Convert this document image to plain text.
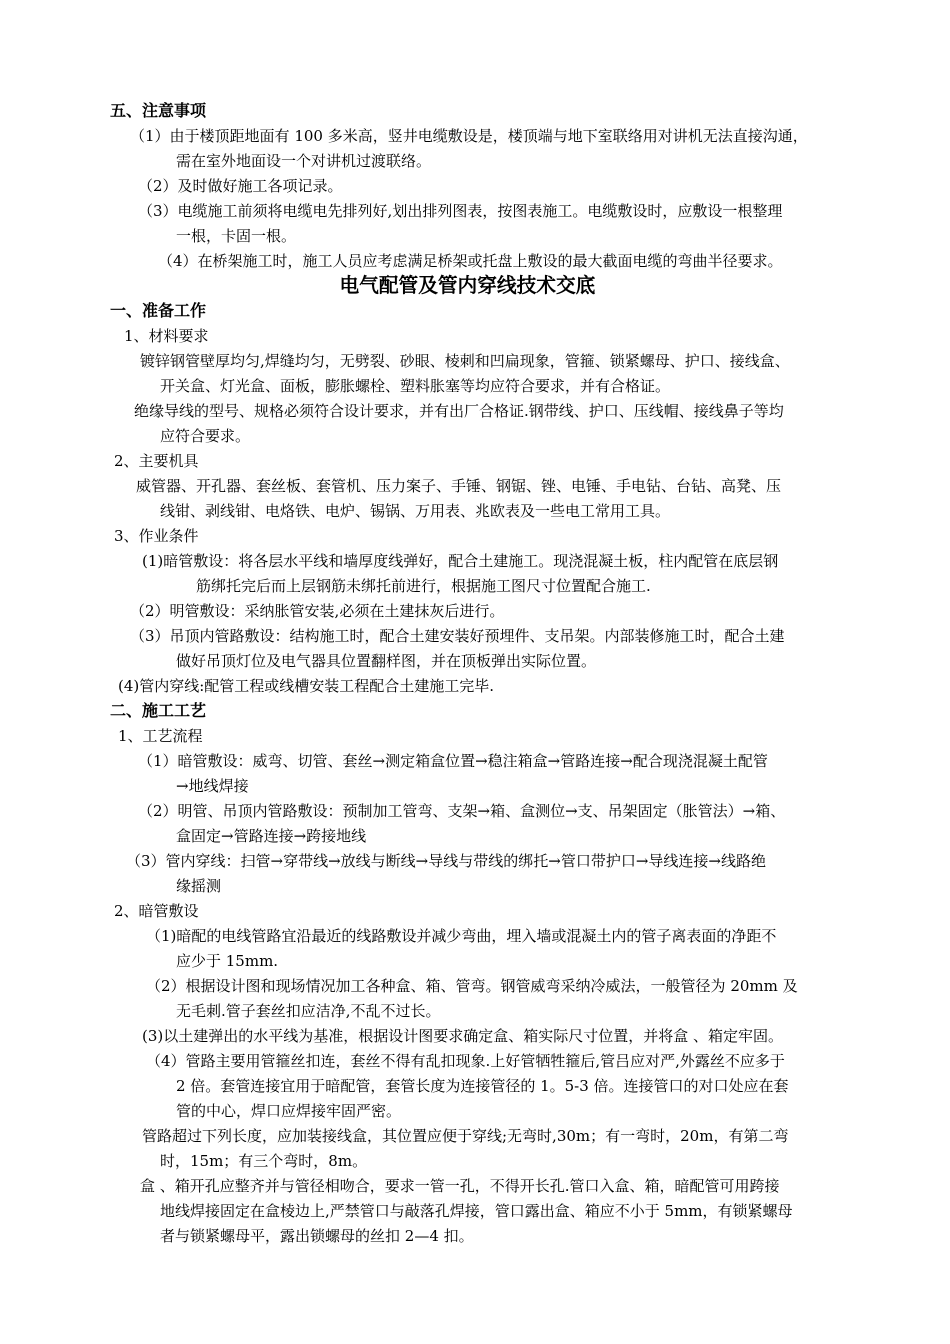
五、注意事项
（1）由于楼顶距地面有 100 多米高，竖井电缆敷设是，楼顶端与地下室联络用对讲机无法直接沟通，
需在室外地面设一个对讲机过渡联络。
（2）及时做好施工各项记录。
（3）电缆施工前须将电缆电先排列好,划出排列图表，按图表施工。电缆敷设时，应敷设一根整理
一根，卡固一根。
（4）在桥架施工时，施工人员应考虑满足桥架或托盘上敷设的最大截面电缆的弯曲半径要求。
电气配管及管内穿线技术交底
一、准备工作
1、材料要求
镀锌钢管壁厚均匀,焊缝均匀，无劈裂、砂眼、棱刺和凹扁现象，管箍、锁紧螺母、护口、接线盒、
开关盒、灯光盒、面板，膨胀螺栓、塑料胀塞等均应符合要求，并有合格证。
绝缘导线的型号、规格必须符合设计要求，并有出厂合格证.钢带线、护口、压线帽、接线鼻子等均
应符合要求。
2、主要机具
威管器、开孔器、套丝板、套管机、压力案子、手锤、钢锯、锉、电锤、手电钻、台钻、高凳、压
线钳、剥线钳、电烙铁、电炉、锡锅、万用表、兆欧表及一些电工常用工具。
3、作业条件
(1)暗管敷设：将各层水平线和墙厚度线弹好，配合土建施工。现浇混凝土板，柱内配管在底层钢
筋绑托完后而上层钢筋未绑托前进行，根据施工图尺寸位置配合施工.
（2）明管敷设：采纳胀管安装,必须在土建抹灰后进行。
（3）吊顶内管路敷设：结构施工时，配合土建安装好预埋件、支吊架。内部装修施工时，配合土建
做好吊顶灯位及电气器具位置翻样图，并在顶板弹出实际位置。
(4)管内穿线:配管工程或线槽安装工程配合土建施工完毕.
二、施工工艺
1、工艺流程
（1）暗管敷设：威弯、切管、套丝→测定箱盒位置→稳注箱盒→管路连接→配合现浇混凝土配管
→地线焊接
（2）明管、吊顶内管路敷设：预制加工管弯、支架→箱、盒测位→支、吊架固定（胀管法）→箱、
盒固定→管路连接→跨接地线
（3）管内穿线：扫管→穿带线→放线与断线→导线与带线的绑托→管口带护口→导线连接→线路绝
缘摇测
2、暗管敷设
（1)暗配的电线管路宜沿最近的线路敷设并减少弯曲，埋入墙或混凝土内的管子离表面的净距不
应少于 15mm.
（2）根据设计图和现场情况加工各种盒、箱、管弯。钢管威弯采纳冷威法，一般管径为 20mm 及
无毛刺.管子套丝扣应洁净,不乱不过长。
(3)以土建弹出的水平线为基准，根据设计图要求确定盒、箱实际尺寸位置，并将盒 、箱定牢固。
（4）管路主要用管箍丝扣连，套丝不得有乱扣现象.上好管牺牲箍后,管吕应对严,外露丝不应多于
2 倍。套管连接宜用于暗配管，套管长度为连接管径的 1。5-3 倍。连接管口的对口处应在套
管的中心，焊口应焊接牢固严密。
管路超过下列长度，应加装接线盒，其位置应便于穿线;无弯时,30m；有一弯时，20m，有第二弯
时，15m；有三个弯时，8m。
盒 、箱开孔应整齐并与管径相吻合，要求一管一孔，不得开长孔.管口入盒、箱，暗配管可用跨接
地线焊接固定在盒棱边上,严禁管口与敲落孔焊接，管口露出盒、箱应不小于 5mm，有锁紧螺母
者与锁紧螺母平，露出锁螺母的丝扣 2—4 扣。
